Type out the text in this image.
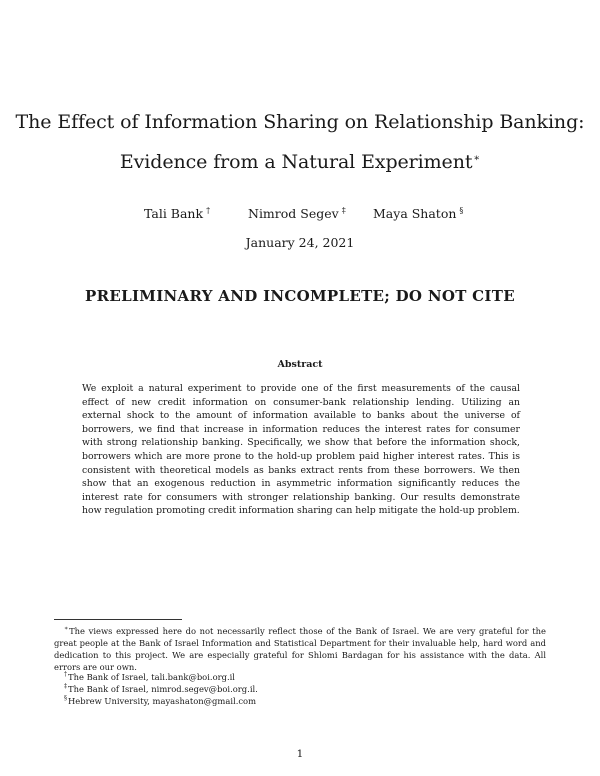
The Effect of Information Sharing on Relationship Banking:
Evidence from a Natural Experiment∗
Tali Bank †	Nimrod Segev ‡ Maya Shaton §
January 24, 2021
PRELIMINARY AND INCOMPLETE; DO NOT CITE
Abstract

We exploit a natural experiment to provide one of the first measurements of the causal effect of new credit information on consumer-bank relationship lending. Utilizing an external shock to the amount of information available to banks about the universe of borrowers, we find that increase in information reduces the interest rates for consumer with strong relationship banking. Specifically, we show that before the information shock, borrowers which are more prone to the hold-up problem paid higher interest rates. This is consistent with theoretical models as banks extract rents from these borrowers. We then show that an exogenous reduction in asymmetric information significantly reduces the interest rate for consumers with stronger relationship banking. Our results demonstrate how regulation promoting credit information sharing can help mitigate the hold-up problem.

∗The views expressed here do not necessarily reflect those of the Bank of Israel. We are very grateful for the great people at the Bank of Israel Information and Statistical Department for their invaluable help, hard word and dedication to this project. We are especially grateful for Shlomi Bardagan for his assistance with the data. All errors are our own.

†The Bank of Israel, tali.bank@boi.org.il
‡The Bank of Israel, nimrod.segev@boi.org.il.
§Hebrew University, mayashaton@gmail.com
1
